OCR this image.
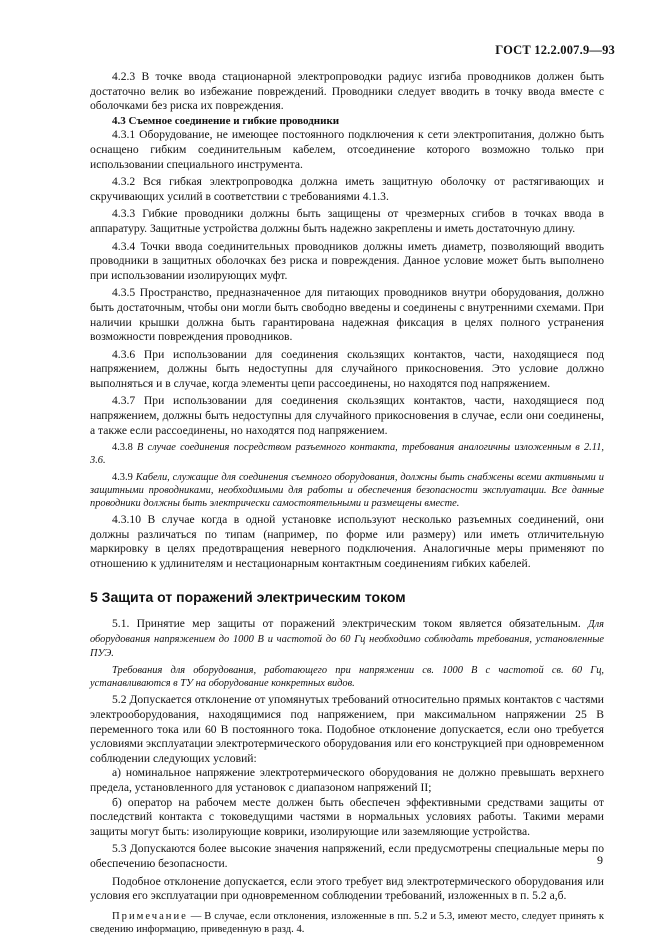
ГОСТ 12.2.007.9—93

4.2.3 В точке ввода стационарной электропроводки радиус изгиба проводников должен быть достаточно велик во избежание повреждений. Проводники следует вводить в точку ввода вместе с оболочками без риска их повреждения.

4.3 Съемное соединение и гибкие проводники

4.3.1 Оборудование, не имеющее постоянного подключения к сети электропитания, должно быть оснащено гибким соединительным кабелем, отсоединение которого возможно только при использовании специального инструмента.

4.3.2 Вся гибкая электропроводка должна иметь защитную оболочку от растягивающих и скручивающих усилий в соответствии с требованиями 4.1.3.

4.3.3 Гибкие проводники должны быть защищены от чрезмерных сгибов в точках ввода в аппаратуру. Защитные устройства должны быть надежно закреплены и иметь достаточную длину.

4.3.4 Точки ввода соединительных проводников должны иметь диаметр, позволяющий вводить проводники в защитных оболочках без риска и повреждения. Данное условие может быть выполнено при использовании изолирующих муфт.

4.3.5 Пространство, предназначенное для питающих проводников внутри оборудования, должно быть достаточным, чтобы они могли быть свободно введены и соединены с внутренними схемами. При наличии крышки должна быть гарантирована надежная фиксация в целях полного устранения возможности повреждения проводников.

4.3.6 При использовании для соединения скользящих контактов, части, находящиеся под напряжением, должны быть недоступны для случайного прикосновения. Это условие должно выполняться и в случае, когда элементы цепи рассоединены, но находятся под напряжением.

4.3.7 При использовании для соединения скользящих контактов, части, находящиеся под напряжением, должны быть недоступны для случайного прикосновения в случае, если они соединены, а также если рассоединены, но находятся под напряжением.

4.3.8 В случае соединения посредством разъемного контакта, требования аналогичны изложенным в 2.11, 3.6.

4.3.9 Кабели, служащие для соединения съемного оборудования, должны быть снабжены всеми активными и защитными проводниками, необходимыми для работы и обеспечения безопасности эксплуатации. Все данные проводники должны быть электрически самостоятельными и размещены вместе.

4.3.10 В случае когда в одной установке используют несколько разъемных соединений, они должны различаться по типам (например, по форме или размеру) или иметь отличительную маркировку в целях предотвращения неверного подключения. Аналогичные меры применяют по отношению к удлинителям и нестационарным контактным соединениям гибких кабелей.

5 Защита от поражений электрическим током

5.1. Принятие мер защиты от поражений электрическим током является обязательным. Для оборудования напряжением до 1000 В и частотой до 60 Гц необходимо соблюдать требования, установленные ПУЭ.

Требования для оборудования, работающего при напряжении св. 1000 В с частотой св. 60 Гц, устанавливаются в ТУ на оборудование конкретных видов.

5.2 Допускается отклонение от упомянутых требований относительно прямых контактов с частями электрооборудования, находящимися под напряжением, при максимальном напряжении 25 В переменного тока или 60 В постоянного тока. Подобное отклонение допускается, если оно требуется условиями эксплуатации электротермического оборудования или его конструкцией при одновременном соблюдении следующих условий:

а) номинальное напряжение электротермического оборудования не должно превышать верхнего предела, установленного для установок с диапазоном напряжений II;

б) оператор на рабочем месте должен быть обеспечен эффективными средствами защиты от последствий контакта с токоведущими частями в нормальных условиях работы. Такими мерами защиты могут быть: изолирующие коврики, изолирующие или заземляющие устройства.

5.3 Допускаются более высокие значения напряжений, если предусмотрены специальные меры по обеспечению безопасности.

Подобное отклонение допускается, если этого требует вид электротермического оборудования или условия его эксплуатации при одновременном соблюдении требований, изложенных в п. 5.2 а,б.

Примечание — В случае, если отклонения, изложенные в пп. 5.2 и 5.3, имеют место, следует принять к сведению информацию, приведенную в разд. 4.

9
